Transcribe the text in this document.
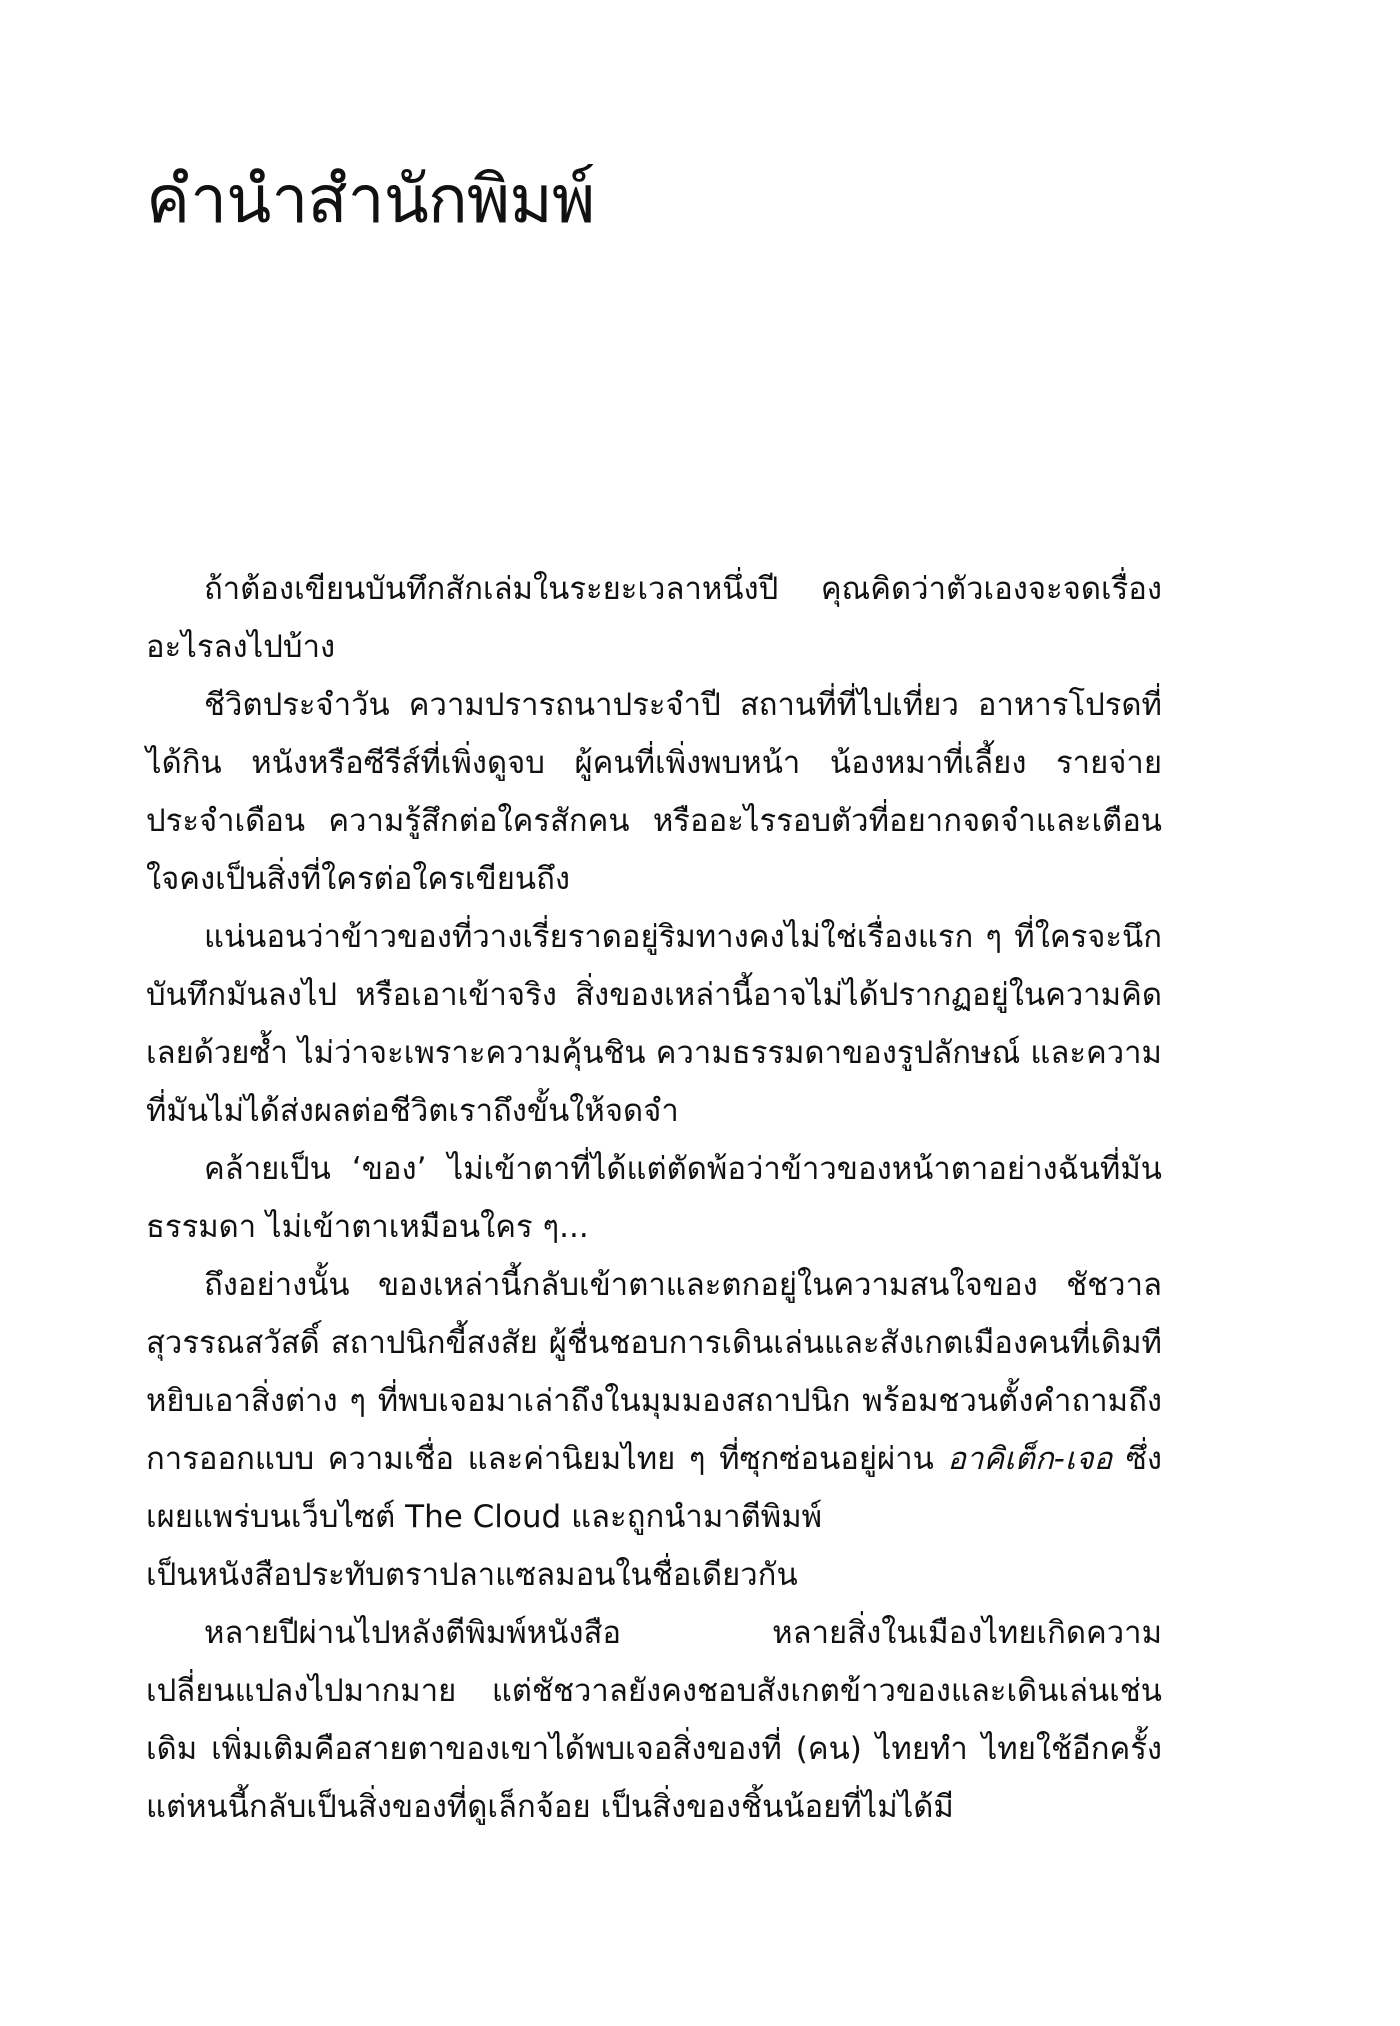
คำนำสำนักพิมพ์

ถ้าต้องเขียนบันทึกสักเล่มในระยะเวลาหนึ่งปี คุณคิดว่าตัวเองจะจดเรื่องอะไรลงไปบ้าง

ชีวิตประจำวัน ความปรารถนาประจำปี สถานที่ที่ไปเที่ยว อาหารโปรดที่ได้กิน หนังหรือซีรีส์ที่เพิ่งดูจบ ผู้คนที่เพิ่งพบหน้า น้องหมาที่เลี้ยง รายจ่ายประจำเดือน ความรู้สึกต่อใครสักคน หรืออะไรรอบตัวที่อยากจดจำและเตือนใจคงเป็นสิ่งที่ใครต่อใครเขียนถึง

แน่นอนว่าข้าวของที่วางเรี่ยราดอยู่ริมทางคงไม่ใช่เรื่องแรก ๆ ที่ใครจะนึกบันทึกมันลงไป หรือเอาเข้าจริง สิ่งของเหล่านี้อาจไม่ได้ปรากฏอยู่ในความคิดเลยด้วยซ้ำ ไม่ว่าจะเพราะความคุ้นชิน ความธรรมดาของรูปลักษณ์ และความที่มันไม่ได้ส่งผลต่อชีวิตเราถึงขั้นให้จดจำ

คล้ายเป็น ‘ของ’ ไม่เข้าตาที่ได้แต่ตัดพ้อว่าข้าวของหน้าตาอย่างฉันที่มันธรรมดา ไม่เข้าตาเหมือนใคร ๆ...

ถึงอย่างนั้น ของเหล่านี้กลับเข้าตาและตกอยู่ในความสนใจของ ชัชวาล สุวรรณสวัสดิ์ สถาปนิกขี้สงสัย ผู้ชื่นชอบการเดินเล่นและสังเกตเมืองคนที่เดิมทีหยิบเอาสิ่งต่าง ๆ ที่พบเจอมาเล่าถึงในมุมมองสถาปนิก พร้อมชวนตั้งคำถามถึงการออกแบบ ความเชื่อ และค่านิยมไทย ๆ ที่ซุกซ่อนอยู่ผ่าน อาคิเต็ก-เจอ ซึ่งเผยแพร่บนเว็บไซต์ The Cloud และถูกนำมาตีพิมพ์
เป็นหนังสือประทับตราปลาแซลมอนในชื่อเดียวกัน

หลายปีผ่านไปหลังตีพิมพ์หนังสือ หลายสิ่งในเมืองไทยเกิดความเปลี่ยนแปลงไปมากมาย แต่ชัชวาลยังคงชอบสังเกตข้าวของและเดินเล่นเช่นเดิม เพิ่มเติมคือสายตาของเขาได้พบเจอสิ่งของที่ (คน) ไทยทำ ไทยใช้อีกครั้ง แต่หนนี้กลับเป็นสิ่งของที่ดูเล็กจ้อย เป็นสิ่งของชิ้นน้อยที่ไม่ได้มี
